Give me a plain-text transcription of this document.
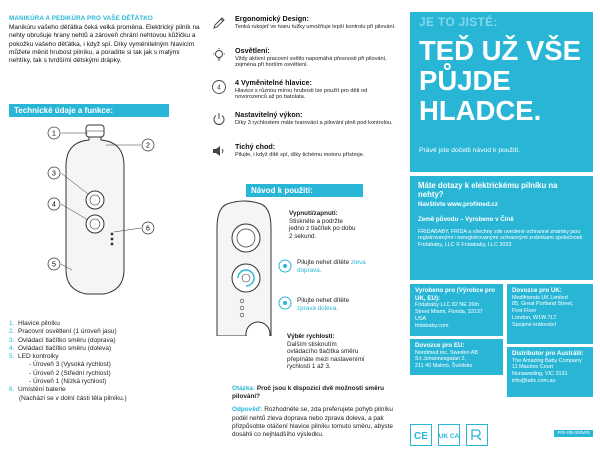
MANIKÚRA A PEDIKÚRA PRO VAŠE DĚŤÁTKO
Manikúru vašeho děťátka čeká velká proměna. Elektrický pilník na nehty obrušuje hrany nehtů a zároveň chrání nehtovou kůžičku a pokožku vašeho děťátka, i když spí. Díky vyměnitelným hlavicím můžete měnit hrubost pilníku, a poradíte si tak jak s malými nehtíky, tak s tvrdšími dětskými drápky.
Technické údaje a funkce:
1
2
3
4
6
5
1. Hlavice pilníku
2. Pracovní osvětlení (1 úroveň jasu)
3. Ovládací tlačítko směru (doprava)
4. Ovládací tlačítko směru (doleva)
5. LED kontrolky
- Úroveň 3 (Vysoká rychlost)
- Úroveň 2 (Střední rychlost)
- Úroveň 1 (Nízká rychlost)
6. Umístění baterie
(Nachází se v dolní části těla pilníku.)
Ergonomický Design:
Tenká rukojeť ve tvaru tužky umožňuje lepší kontrolu při pilování.
Osvětlení:
Vždy aktivní pracovní světlo napomáhá přesnosti při pilování, zejména při horším osvětlení.
4
4 Vyměnitelné hlavice:
Hlavice s různou mírou hrubosti lze použít pro děti od novorozenců až po batolata.
Nastavitelný výkon:
Díky 3 rychlostem máte tvarování a pilování plně pod kontrolou.
Tichý chod:
Pilujte, i když dítě spí, díky tichému motoru přístroje.
Návod k použití:
Vypnutí/zapnutí:
Stiskněte a podržte jedno z tlačítek po dobu 2 sekund.
Pilujte nehet dítěte zleva doprava.
Pilujte nehet dítěte zprava doleva.
Výběr rychlosti:
Dalším stisknutím ovládacího tlačítka směru přepínáte mezi nastaveními rychlosti 1 až 3.
Otázka: Proč jsou k dispozici dvě možnosti směru pilování?
Odpověď: Rozhodněte se, zda preferujete pohyb pilníku podél nehtů zleva doprava nebo zprava doleva, a pak přizpůsobte otáčení hlavice pilníku tomuto směru, abyste dosáhli co nejhladšího výsledku.
JE TO JISTÉ:
TEĎ UŽ VŠE PŮJDE HLADCE.
Právě jste dočetli návod k použití.
Máte dotazy k elektrickému pilníku na nehty?
Navštivte www.profimed.cz
Země původu – Vyrobeno v Číně
FRIDABABY, FRIDA a všechny zde uvedené ochranné známky jsou registrovanými i neregistrovanými ochrannými známkami společnosti Fridababy, LLC © Fridababy, LLC 2023
Vyrobeno pro (Výrobce pro UK, EU):
Fridababy LLC 82 NE 26th
Street Miami, Florida, 33137
USA
fridababy.com
Dovozce pro UK:
Medifriends UK Limited
85, Great Portland Street,
First Floor
London, W1W 7LT
Spojené království
Dovozce pro EU:
Nordimed Inc. Sweden AB
S:t Johannesgatan 2,
211 40 Malmö, Švédsko
Distributor pro Austrálii:
The Amazing Baby Company
11 Maurice Court
Nunawading, VIC 3131
info@tabc.com.au
CE UK CA	FRI-0B-000WS
